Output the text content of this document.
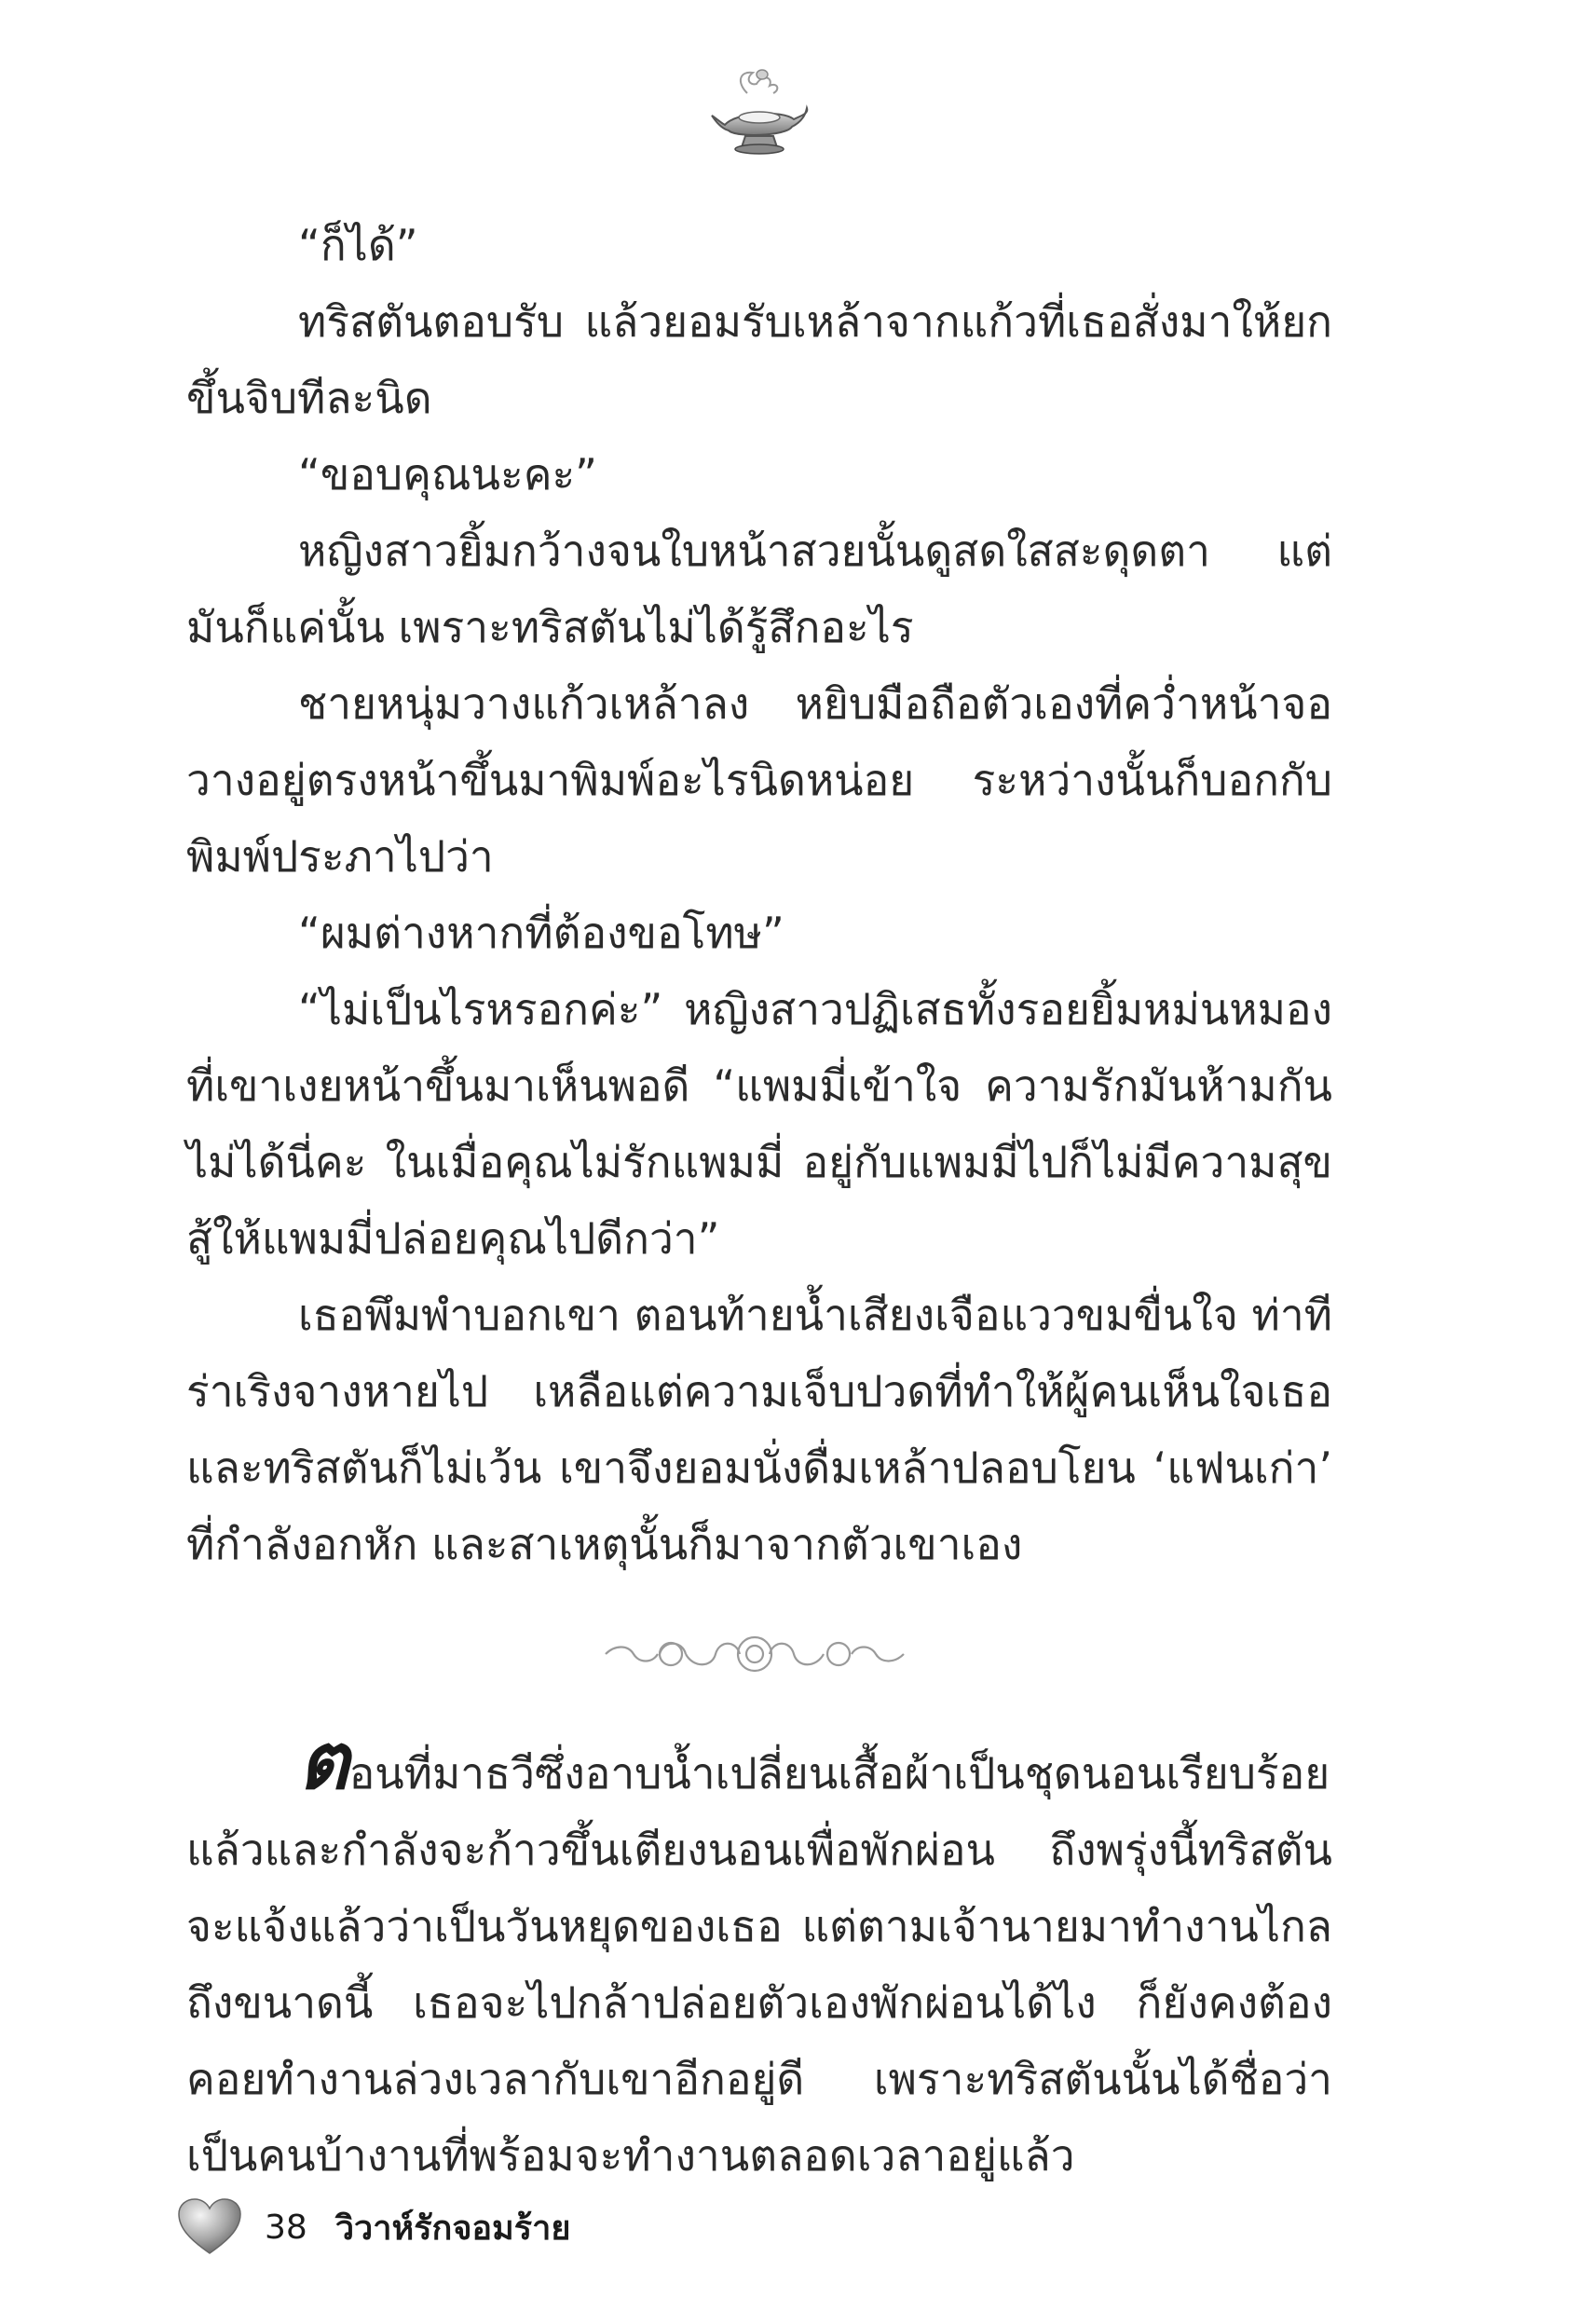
“ก็ได้”

ทริสตันตอบรับ แล้วยอมรับเหล้าจากแก้วที่เธอสั่งมาให้ยกขึ้นจิบทีละนิด

“ขอบคุณนะคะ”

หญิงสาวยิ้มกว้างจนใบหน้าสวยนั้นดูสดใสสะดุดตา แต่มันก็แค่นั้น เพราะทริสตันไม่ได้รู้สึกอะไร

ชายหนุ่มวางแก้วเหล้าลง หยิบมือถือตัวเองที่คว่ำหน้าจอวางอยู่ตรงหน้าขึ้นมาพิมพ์อะไรนิดหน่อย ระหว่างนั้นก็บอกกับพิมพ์ประภาไปว่า

“ผมต่างหากที่ต้องขอโทษ”

“ไม่เป็นไรหรอกค่ะ” หญิงสาวปฏิเสธทั้งรอยยิ้มหม่นหมองที่เขาเงยหน้าขึ้นมาเห็นพอดี “แพมมี่เข้าใจ ความรักมันห้ามกันไม่ได้นี่คะ ในเมื่อคุณไม่รักแพมมี่ อยู่กับแพมมี่ไปก็ไม่มีความสุข สู้ให้แพมมี่ปล่อยคุณไปดีกว่า”

เธอพึมพำบอกเขา ตอนท้ายน้ำเสียงเจือแววขมขื่นใจ ท่าทีร่าเริงจางหายไป เหลือแต่ความเจ็บปวดที่ทำให้ผู้คนเห็นใจเธอ และทริสตันก็ไม่เว้น เขาจึงยอมนั่งดื่มเหล้าปลอบโยน ‘แฟนเก่า’ ที่กำลังอกหัก และสาเหตุนั้นก็มาจากตัวเขาเอง

ตอนที่มาธวีซึ่งอาบน้ำเปลี่ยนเสื้อผ้าเป็นชุดนอนเรียบร้อยแล้วและกำลังจะก้าวขึ้นเตียงนอนเพื่อพักผ่อน ถึงพรุ่งนี้ทริสตันจะแจ้งแล้วว่าเป็นวันหยุดของเธอ แต่ตามเจ้านายมาทำงานไกลถึงขนาดนี้ เธอจะไปกล้าปล่อยตัวเองพักผ่อนได้ไง ก็ยังคงต้องคอยทำงานล่วงเวลากับเขาอีกอยู่ดี เพราะทริสตันนั้นได้ชื่อว่าเป็นคนบ้างานที่พร้อมจะทำงานตลอดเวลาอยู่แล้ว

38 วิวาห์รักจอมร้าย
